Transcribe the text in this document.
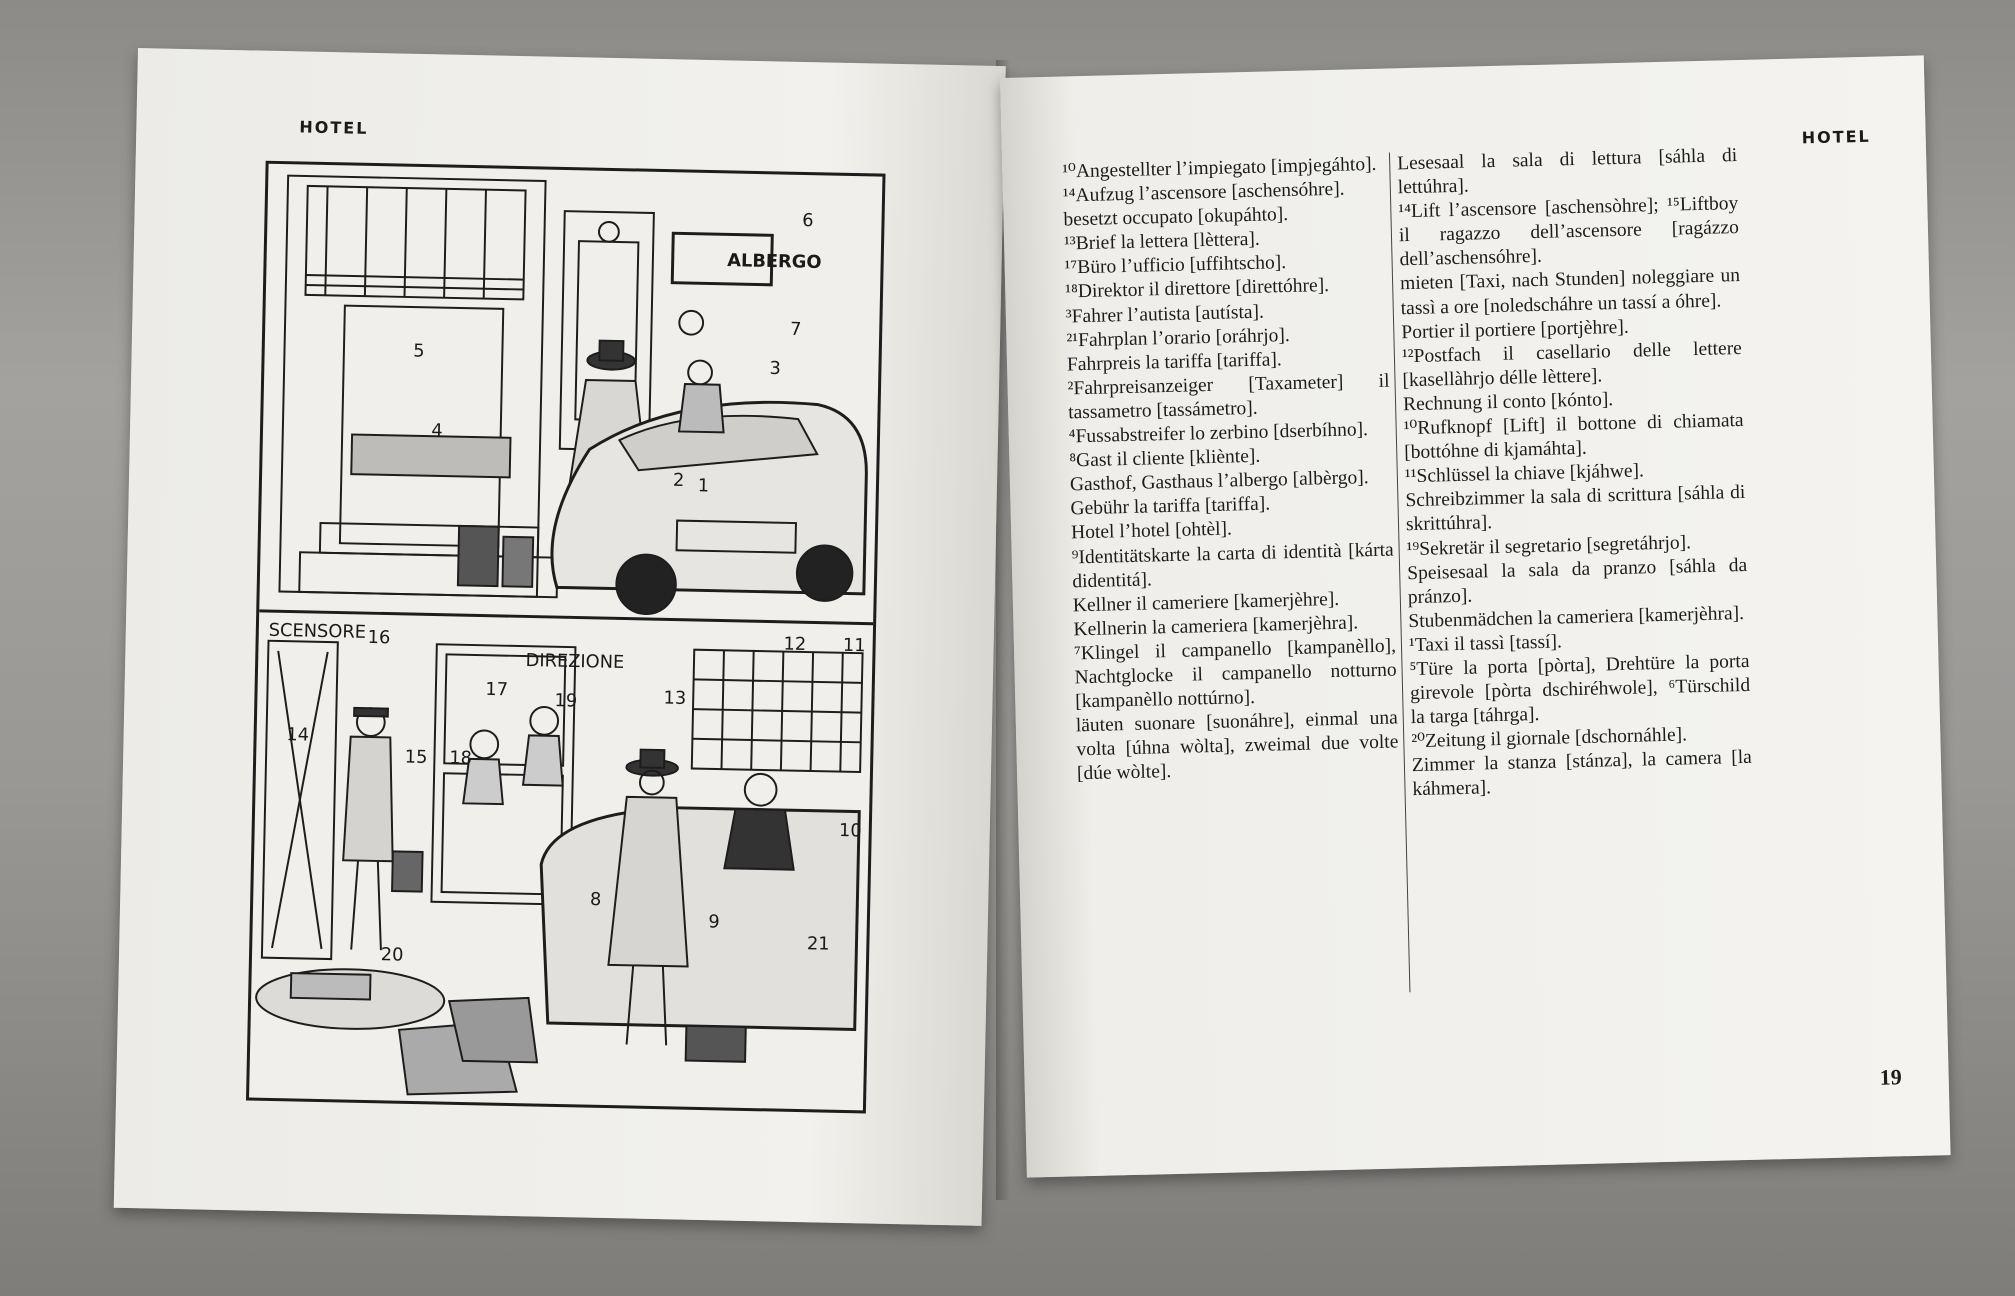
HOTEL
ALBERGO
SCENSORE
DIREZIONE
1
2
3
4
5
6
7
8
9
10
11
12
13
14
15
16
17
18
19
20
21
HOTEL

¹⁰Angestellter l’impiegato [impjegáhto].

¹⁴Aufzug l’ascensore [aschensóhre].

besetzt occupato [okupáhto].

¹³Brief la lettera [lèttera].

¹⁷Büro l’ufficio [uffihtscho].

¹⁸Direktor il direttore [direttóhre].

³Fahrer l’autista [autísta].

²¹Fahrplan l’orario [oráhrjo].

Fahrpreis la tariffa [tariffa].

²Fahrpreisanzeiger [Taxameter] il tassametro [tassámetro].

⁴Fussabstreifer lo zerbino [dserbíhno].

⁸Gast il cliente [kliènte].

Gasthof, Gasthaus l’albergo [albèrgo].

Gebühr la tariffa [tariffa].

Hotel l’hotel [ohtèl].

⁹Identitätskarte la carta di identità [kárta didentitá].

Kellner il cameriere [kamerjèhre].

Kellnerin la cameriera [kamerjèhra].

⁷Klingel il campanello [kampanèllo], Nachtglocke il campanello notturno [kampanèllo nottúrno].

läuten suonare [suonáhre], einmal una volta [úhna wòlta], zweimal due volte [dúe wòlte].

Lesesaal la sala di lettura [sáhla di lettúhra].

¹⁴Lift l’ascensore [aschensòhre]; ¹⁵Liftboy il ragazzo dell’ascensore [ragázzo dell’aschensóhre].

mieten [Taxi, nach Stunden] noleggiare un tassì a ore [noledscháhre un tassí a óhre].

Portier il portiere [portjèhre].

¹²Postfach il casellario delle lettere [kasellàhrjo délle lèttere].

Rechnung il conto [kónto].

¹⁰Rufknopf [Lift] il bottone di chiamata [bottóhne di kjamáhta].

¹¹Schlüssel la chiave [kjáhwe].

Schreibzimmer la sala di scrittura [sáhla di skrittúhra].

¹⁹Sekretär il segretario [segretáhrjo].

Speisesaal la sala da pranzo [sáhla da pránzo].

Stubenmädchen la cameriera [kamerjèhra].

¹Taxi il tassì [tassí].

⁵Türe la porta [pòrta], Drehtüre la porta girevole [pòrta dschiréhwole], ⁶Türschild la targa [táhrga].

²⁰Zeitung il giornale [dschornáhle].

Zimmer la stanza [stánza], la camera [la káhmera].

19
